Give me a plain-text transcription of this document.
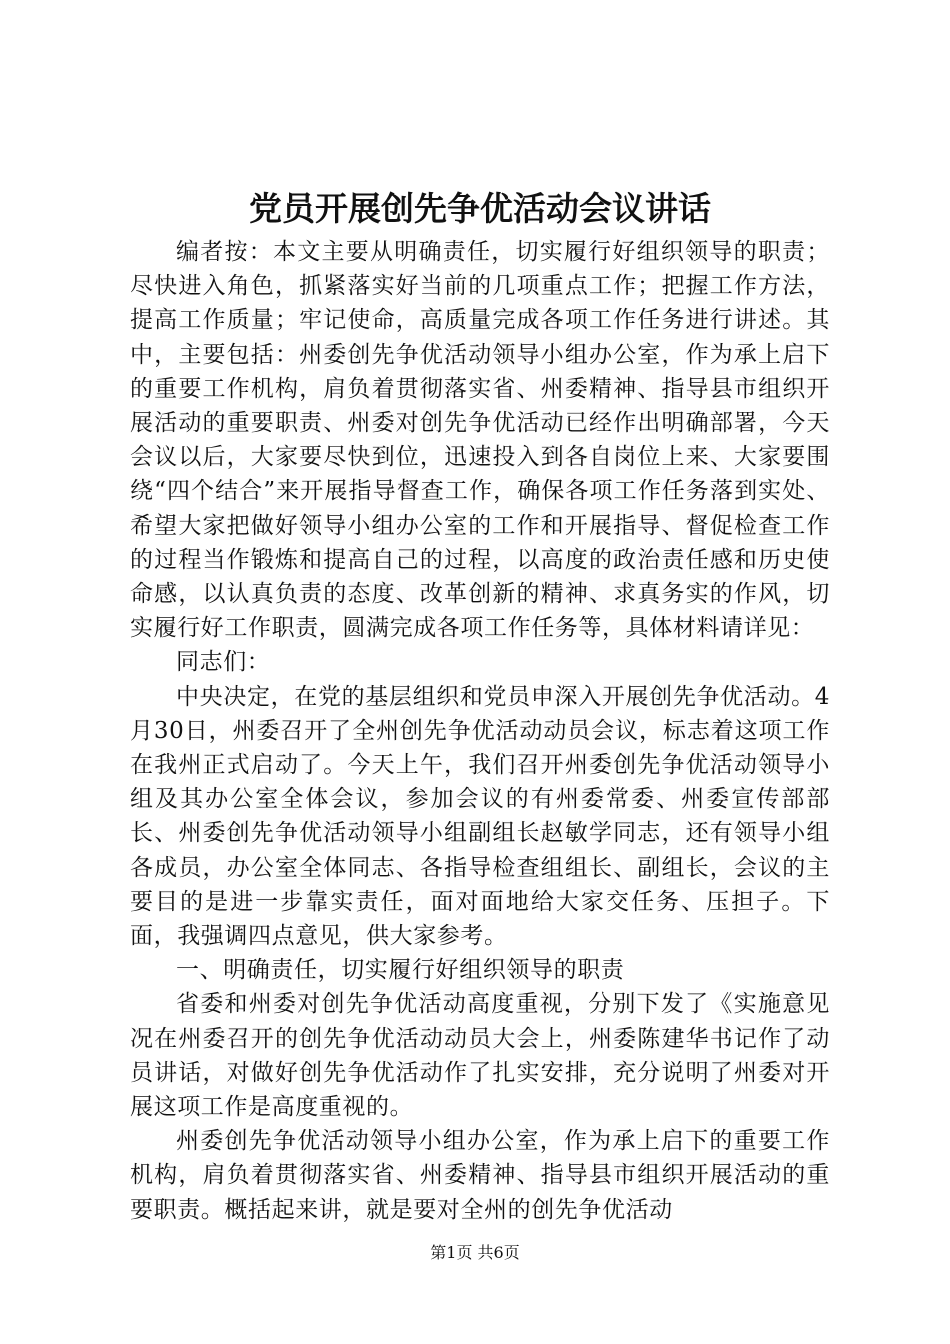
党员开展创先争优活动会议讲话

编者按：本文主要从明确责任，切实履行好组织领导的职责；尽快进入角色，抓紧落实好当前的几项重点工作；把握工作方法，提高工作质量；牢记使命，高质量完成各项工作任务进行讲述。其中，主要包括：州委创先争优活动领导小组办公室，作为承上启下的重要工作机构，肩负着贯彻落实省、州委精神、指导县市组织开展活动的重要职责、州委对创先争优活动已经作出明确部署，今天会议以后，大家要尽快到位，迅速投入到各自岗位上来、大家要围绕“四个结合”来开展指导督查工作，确保各项工作任务落到实处、希望大家把做好领导小组办公室的工作和开展指导、督促检查工作的过程当作锻炼和提高自己的过程，以高度的政治责任感和历史使命感，以认真负责的态度、改革创新的精神、求真务实的作风，切实履行好工作职责，圆满完成各项工作任务等，具体材料请详见：

同志们：

中央决定，在党的基层组织和党员申深入开展创先争优活动。4月30日，州委召开了全州创先争优活动动员会议，标志着这项工作在我州正式启动了。今天上午，我们召开州委创先争优活动领导小组及其办公室全体会议，参加会议的有州委常委、州委宣传部部长、州委创先争优活动领导小组副组长赵敏学同志，还有领导小组各成员，办公室全体同志、各指导检查组组长、副组长，会议的主要目的是进一步靠实责任，面对面地给大家交任务、压担子。下面，我强调四点意见，供大家参考。

一、明确责任，切实履行好组织领导的职责

省委和州委对创先争优活动高度重视，分别下发了《实施意见况在州委召开的创先争优活动动员大会上，州委陈建华书记作了动员讲话，对做好创先争优活动作了扎实安排，充分说明了州委对开展这项工作是高度重视的。

州委创先争优活动领导小组办公室，作为承上启下的重要工作机构，肩负着贯彻落实省、州委精神、指导县市组织开展活动的重要职责。概括起来讲，就是要对全州的创先争优活动

第1页 共6页
